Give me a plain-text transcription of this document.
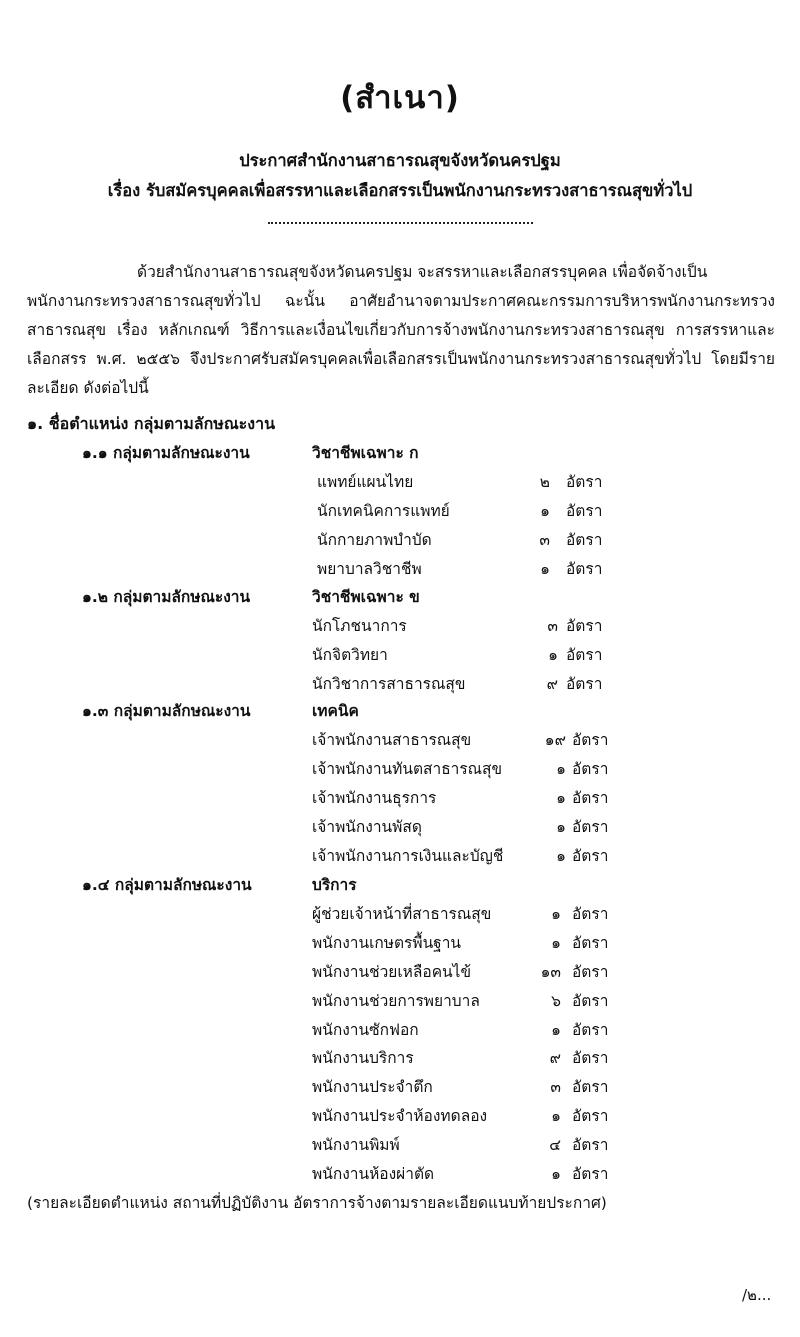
(สำเนา)
ประกาศสำนักงานสาธารณสุขจังหวัดนครปฐม
เรื่อง รับสมัครบุคคลเพื่อสรรหาและเลือกสรรเป็นพนักงานกระทรวงสาธารณสุขทั่วไป
ด้วยสำนักงานสาธารณสุขจังหวัดนครปฐม จะสรรหาและเลือกสรรบุคคล เพื่อจัดจ้างเป็น
พนักงานกระทรวงสาธารณสุขทั่วไป ฉะนั้น อาศัยอำนาจตามประกาศคณะกรรมการบริหารพนักงานกระทรวงสาธารณสุข เรื่อง หลักเกณฑ์ วิธีการและเงื่อนไขเกี่ยวกับการจ้างพนักงานกระทรวงสาธารณสุข การสรรหาและเลือกสรร พ.ศ. ๒๕๕๖ จึงประกาศรับสมัครบุคคลเพื่อเลือกสรรเป็นพนักงานกระทรวงสาธารณสุขทั่วไป โดยมีรายละเอียด ดังต่อไปนี้
๑. ชื่อตำแหน่ง กลุ่มตามลักษณะงาน
๑.๑ กลุ่มตามลักษณะงาน	วิชาชีพเฉพาะ ก
แพทย์แผนไทย	๒ อัตรา
นักเทคนิคการแพทย์	๑ อัตรา
นักกายภาพบำบัด	๓ อัตรา
พยาบาลวิชาชีพ	๑ อัตรา
๑.๒ กลุ่มตามลักษณะงาน	วิชาชีพเฉพาะ ข
นักโภชนาการ	๓ อัตรา
นักจิตวิทยา	๑ อัตรา
นักวิชาการสาธารณสุข	๙ อัตรา
๑.๓ กลุ่มตามลักษณะงาน	เทคนิค
เจ้าพนักงานสาธารณสุข	๑๙ อัตรา
เจ้าพนักงานทันตสาธารณสุข	๑ อัตรา
เจ้าพนักงานธุรการ	๑ อัตรา
เจ้าพนักงานพัสดุ	๑ อัตรา
เจ้าพนักงานการเงินและบัญชี	๑ อัตรา
๑.๔ กลุ่มตามลักษณะงาน	บริการ
ผู้ช่วยเจ้าหน้าที่สาธารณสุข	๑ อัตรา
พนักงานเกษตรพื้นฐาน	๑ อัตรา
พนักงานช่วยเหลือคนไข้	๑๓ อัตรา
พนักงานช่วยการพยาบาล	๖ อัตรา
พนักงานซักฟอก	๑ อัตรา
พนักงานบริการ	๙ อัตรา
พนักงานประจำตึก	๓ อัตรา
พนักงานประจำห้องทดลอง	๑ อัตรา
พนักงานพิมพ์	๔ อัตรา
พนักงานห้องผ่าตัด	๑ อัตรา
(รายละเอียดตำแหน่ง สถานที่ปฏิบัติงาน อัตราการจ้างตามรายละเอียดแนบท้ายประกาศ)
/๒...
